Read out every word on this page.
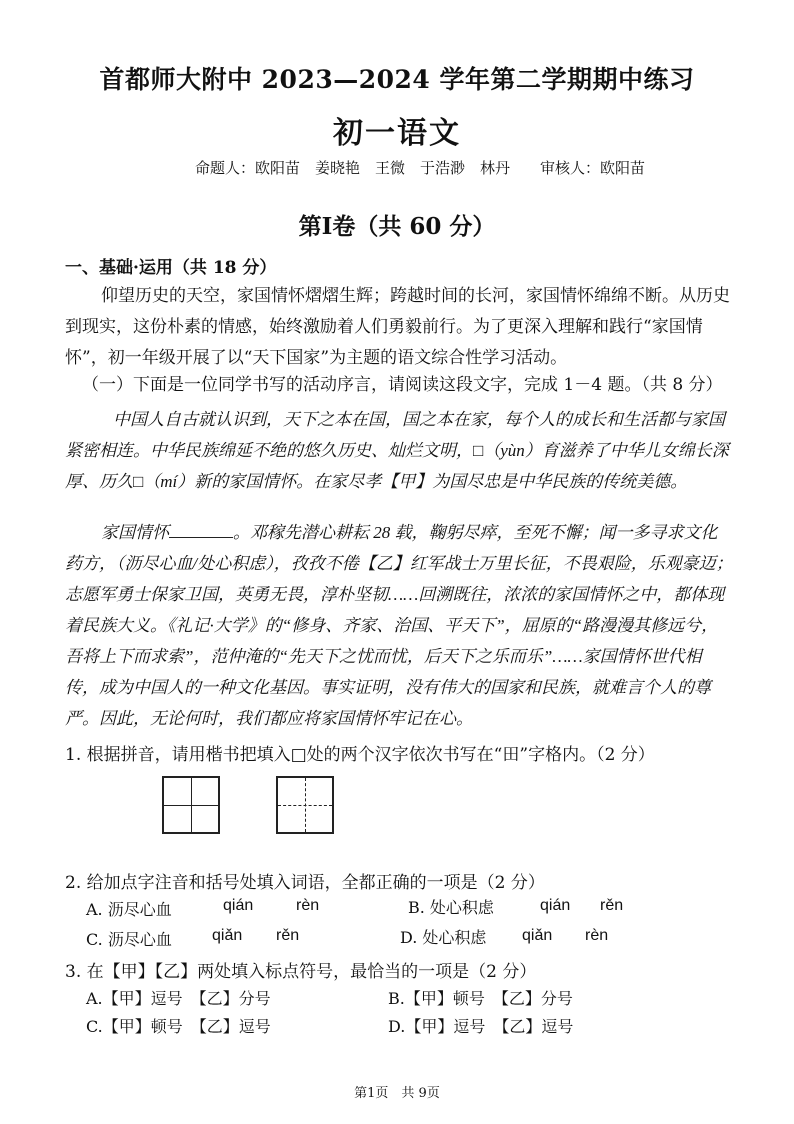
首都师大附中 2023—2024 学年第二学期期中练习
初一语文
命题人：欧阳苗　姜晓艳　王微　于浩渺　林丹　　审核人：欧阳苗
第Ⅰ卷（共 60 分）
一、基础·运用（共 18 分）
仰望历史的天空，家国情怀熠熠生辉；跨越时间的长河，家国情怀绵绵不断。从历史到现实，这份朴素的情感，始终激励着人们勇毅前行。为了更深入理解和践行“家国情怀”，初一年级开展了以“天下国家”为主题的语文综合性学习活动。
（一）下面是一位同学书写的活动序言，请阅读这段文字，完成 1－4 题。（共 8 分）
中国人自古就认识到，天下之本在国，国之本在家，每个人的成长和生活都与家国紧密相连。中华民族绵延不绝的悠久历史、灿烂文明，□（yùn）育滋养了中华儿女绵长深厚、历久□（mí）新的家国情怀。在家尽孝【甲】为国尽忠是中华民族的传统美德。
家国情怀	。邓稼先潜心耕耘 28 载，鞠躬尽瘁，至死不懈；闻一多寻求文化药方，（沥尽心血/处心积虑），孜孜不倦【乙】红军战士万里长征，不畏艰险，乐观豪迈；志愿军勇士保家卫国，英勇无畏，淳朴坚韧……回溯既往，浓浓的家国情怀之中，都体现着民族大义。《礼记·大学》的“修身、齐家、治国、平天下”，屈原的“路漫漫其修远兮，吾将上下而求索”，范仲淹的“先天下之忧而忧，后天下之乐而乐”……家国情怀世代相传，成为中国人的一种文化基因。事实证明，没有伟大的国家和民族，就难言个人的尊严。因此，无论何时，我们都应将家国情怀牢记在心。
1. 根据拼音，请用楷书把填入□处的两个汉字依次书写在“田”字格内。（2 分）
2. 给加点字注音和括号处填入词语，全都正确的一项是（2 分）
A. 沥尽心血	qián	rèn	B. 处心积虑	qián rěn
C. 沥尽心血	qiǎn rěn	D. 处心积虑 qiǎn rèn
3. 在【甲】【乙】两处填入标点符号，最恰当的一项是（2 分）
A.【甲】逗号　【乙】分号	B.【甲】顿号　【乙】分号
C.【甲】顿号　【乙】逗号	D.【甲】逗号　【乙】逗号
第1页　共 9页
